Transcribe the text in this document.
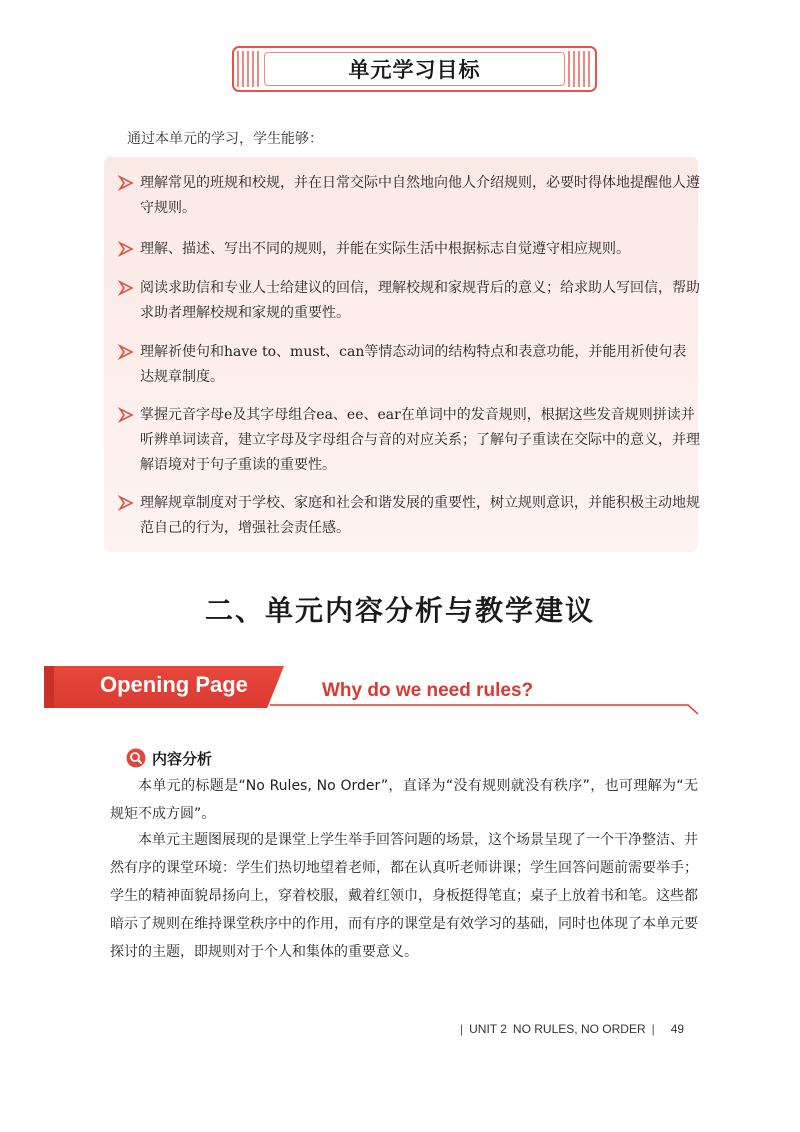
单元学习目标
通过本单元的学习，学生能够：
理解常见的班规和校规，并在日常交际中自然地向他人介绍规则，必要时得体地提醒他人遵守规则。
理解、描述、写出不同的规则，并能在实际生活中根据标志自觉遵守相应规则。
阅读求助信和专业人士给建议的回信，理解校规和家规背后的意义；给求助人写回信，帮助求助者理解校规和家规的重要性。
理解祈使句和have to、must、can等情态动词的结构特点和表意功能，并能用祈使句表达规章制度。
掌握元音字母e及其字母组合ea、ee、ear在单词中的发音规则，根据这些发音规则拼读并听辨单词读音，建立字母及字母组合与音的对应关系；了解句子重读在交际中的意义，并理解语境对于句子重读的重要性。
理解规章制度对于学校、家庭和社会和谐发展的重要性，树立规则意识，并能积极主动地规范自己的行为，增强社会责任感。
二、单元内容分析与教学建议
Opening Page	Why do we need rules?
内容分析

本单元的标题是“No Rules, No Order”，直译为“没有规则就没有秩序”，也可理解为“无规矩不成方圆”。

本单元主题图展现的是课堂上学生举手回答问题的场景，这个场景呈现了一个干净整洁、井然有序的课堂环境：学生们热切地望着老师，都在认真听老师讲课；学生回答问题前需要举手；学生的精神面貌昂扬向上，穿着校服，戴着红领巾，身板挺得笔直；桌子上放着书和笔。这些都暗示了规则在维持课堂秩序中的作用，而有序的课堂是有效学习的基础，同时也体现了本单元要探讨的主题，即规则对于个人和集体的重要意义。

| UNIT 2 NO RULES, NO ORDER | 49
